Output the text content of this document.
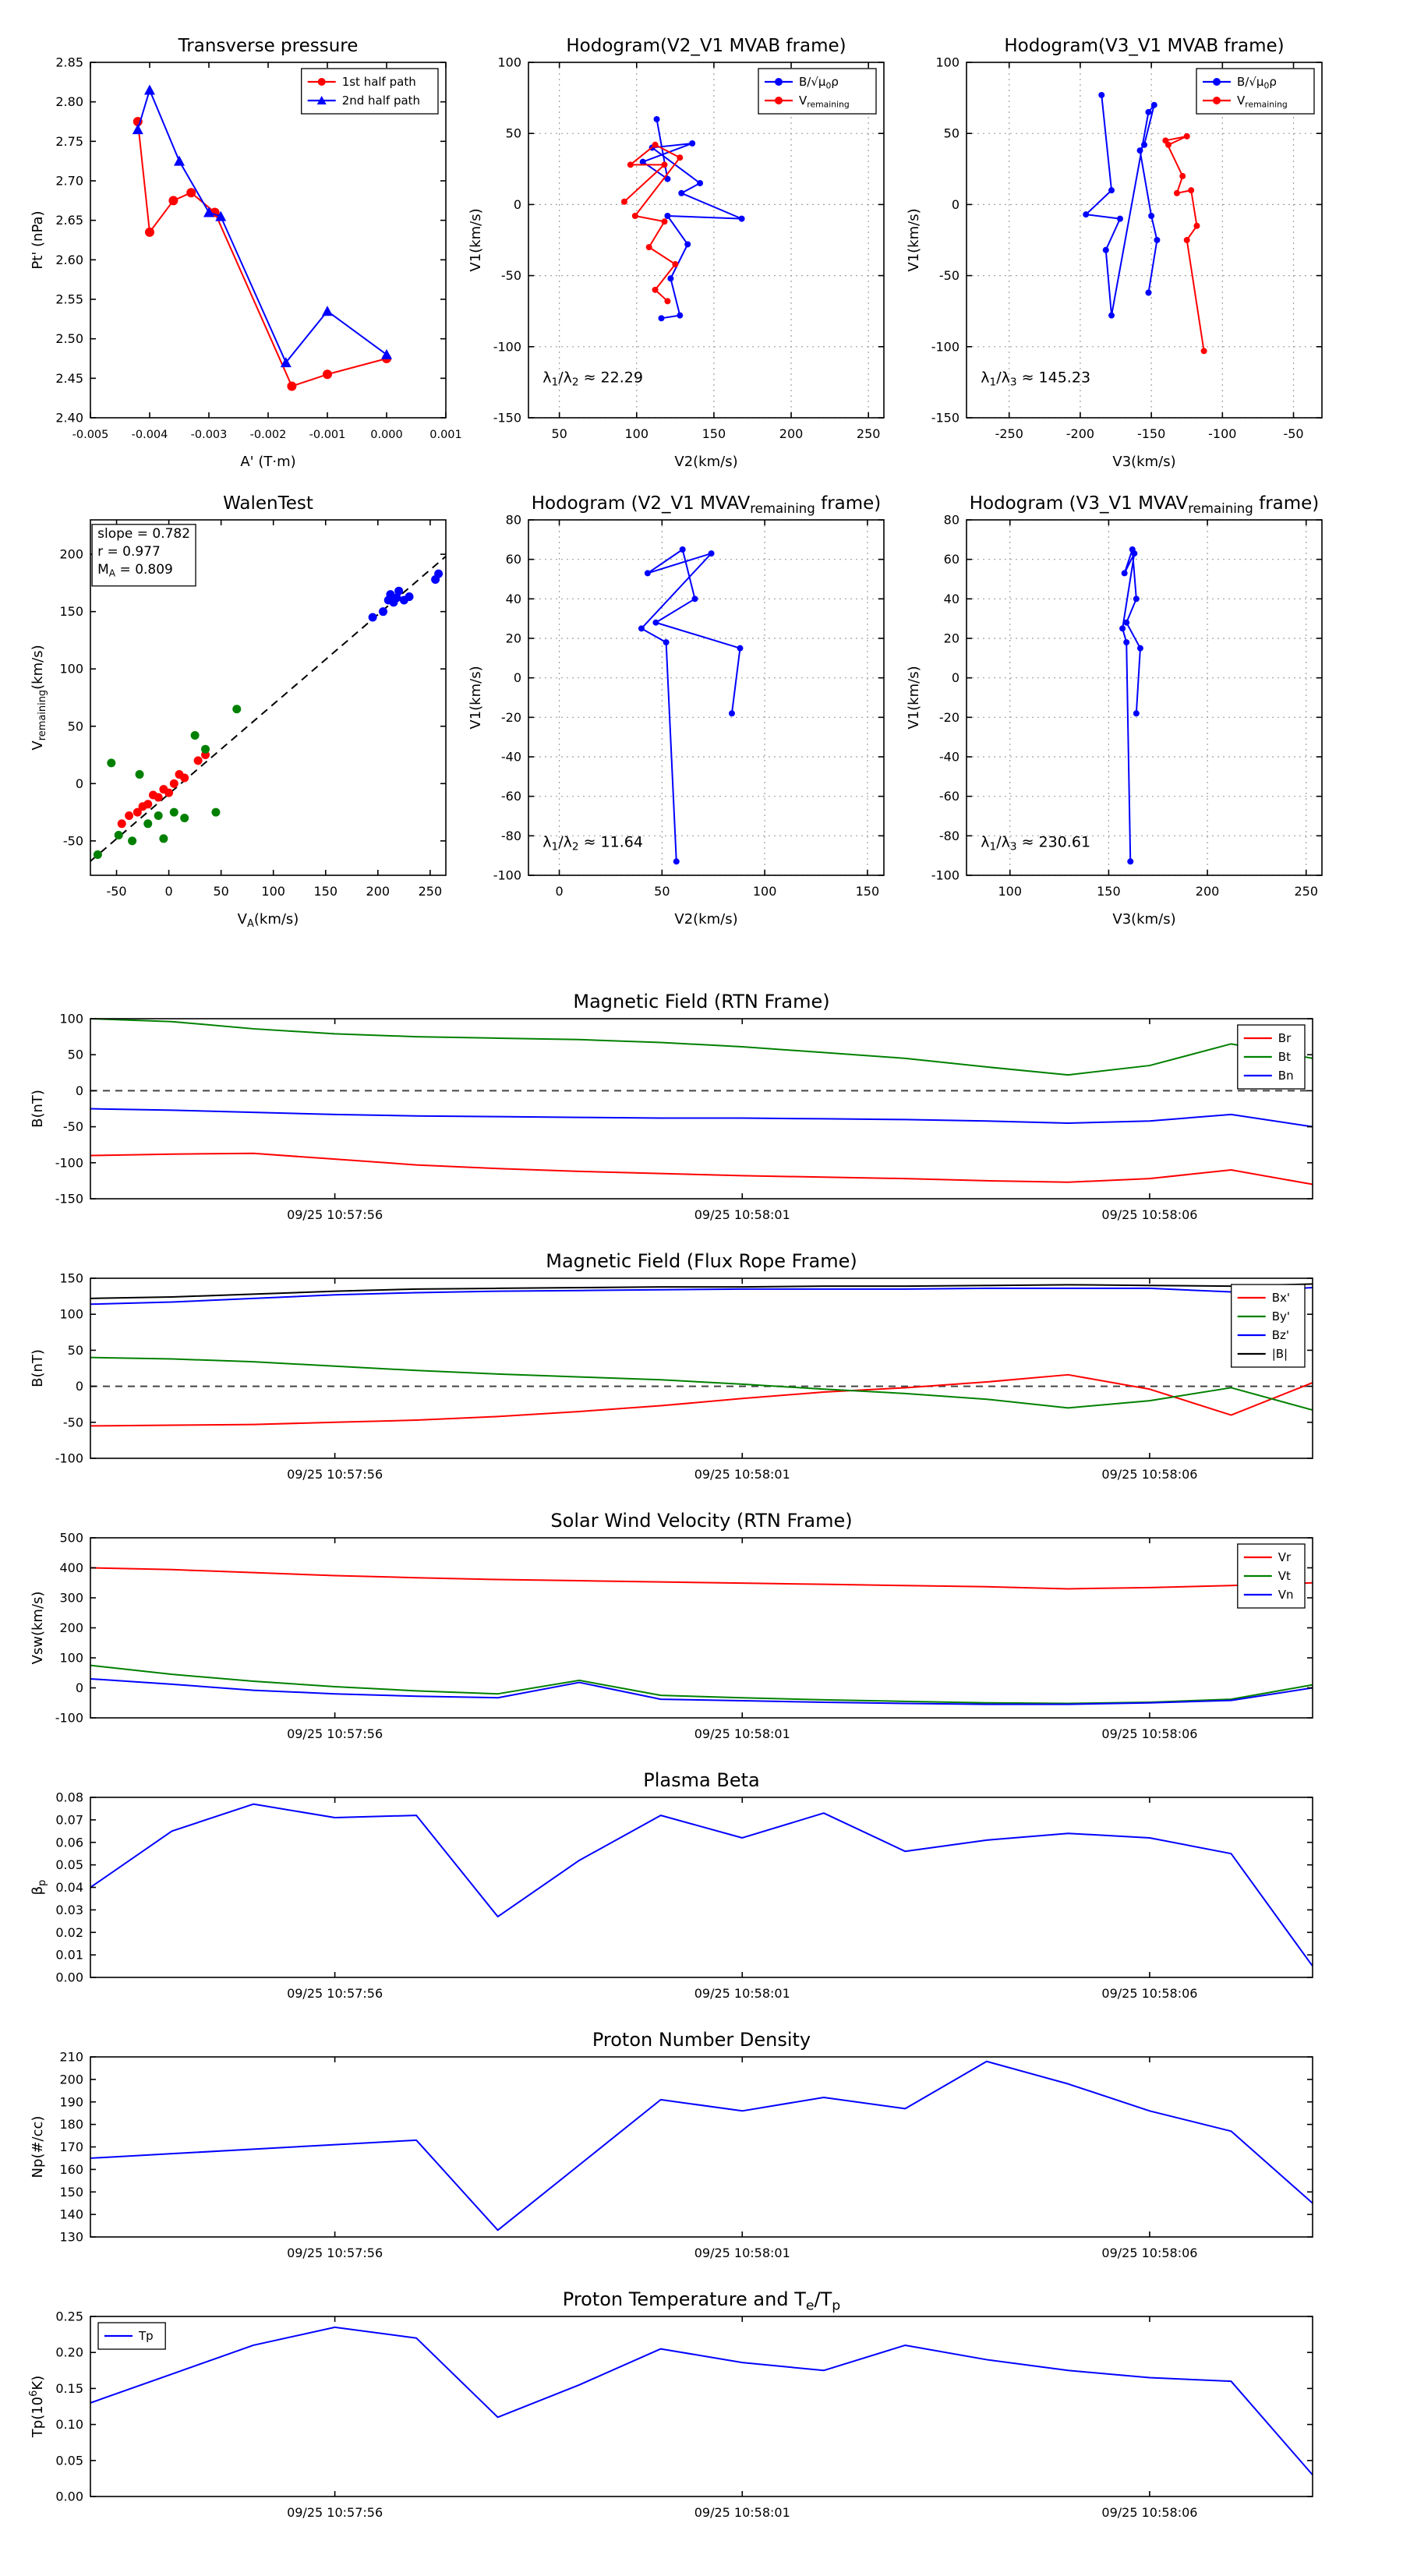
-0.005 -0.004 -0.003 -0.002 -0.001 0.000 0.001
2.40
2.45
2.50
2.55
2.60
2.65
2.70
2.75
2.80
2.85
Transverse pressure
A' (T·m)
Pt' (nPa)
1st half path
2nd half path
50	100	150	200	250
-150
-100
-50
0
50
100
Hodogram(V2_V1 MVAB frame)
V2(km/s)
V1(km/s)
$B/√\mu_0\rho$
$V_{remaining}$
$\lambda_1/\lambda_2 \approx 22.29$
-250	-200	-150	-100	-50
-150
-100
-50
0
50
100
Hodogram(V3_V1 MVAB frame)
V3(km/s)
V1(km/s)
$B/√\mu_0\rho$
$V_{remaining}$
$\lambda_1/\lambda_3 \approx 145.23$
-50	0	50	100 150 200 250
-50
0
50
100
150
200
WalenTest
$V_A(km/s)$
$V_{remaining}(km/s)$
slope = 0.782
r = 0.977
$M_A = 0.809$
0	50	100	150
-100
-80
-60
-40
-20
0
20
40
60
80
Hodogram (V2_V1 $MVAV_{remaining}$ frame)
V2(km/s)
V1(km/s)
$\lambda_1/\lambda_2 \approx 11.64$
100	150	200	250
-100
-80
-60
-40
-20
0
20
40
60
80
Hodogram (V3_V1 $MVAV_{remaining}$ frame)
V3(km/s)
V1(km/s)
$\lambda_1/\lambda_3 \approx 230.61$
09/25 10:57:56	09/25 10:58:01	09/25 10:58:06
-150
-100
-50
0
50
100
Magnetic Field (RTN Frame)
B(nT)
Br
Bt
Bn
09/25 10:57:56	09/25 10:58:01	09/25 10:58:06
-100
-50
0
50
100
150
Magnetic Field (Flux Rope Frame)
B(nT)
Bx'
By'
Bz'
|B|
09/25 10:57:56	09/25 10:58:01	09/25 10:58:06
-100
0
100
200
300
400
500
Solar Wind Velocity (RTN Frame)
Vsw(km/s)
Vr
Vt
Vn
09/25 10:57:56	09/25 10:58:01	09/25 10:58:06
0.00
0.01
0.02
0.03
0.04
0.05
0.06
0.07
0.08
Plasma Beta
$\beta_p$
09/25 10:57:56	09/25 10:58:01	09/25 10:58:06
130
140
150
160
170
180
190
200
210
Proton Number Density
Np(#/cc)
09/25 10:57:56	09/25 10:58:01	09/25 10:58:06
0.00
0.05
0.10
0.15
0.20
0.25
Proton Temperature and $T_e/T_p$
$Tp(10^6K)$
Tp
